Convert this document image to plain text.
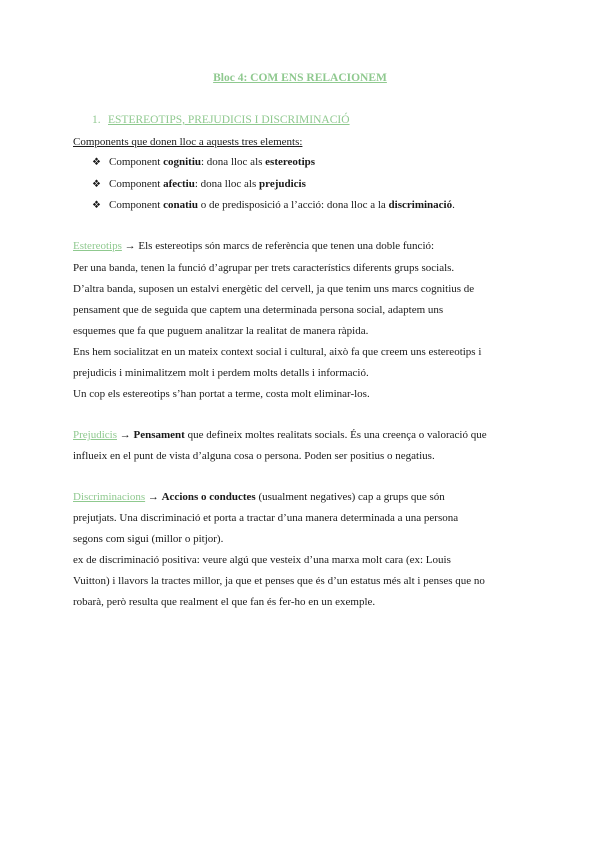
Bloc 4: COM ENS RELACIONEM
1. ESTEREOTIPS, PREJUDICIS I DISCRIMINACIÓ
Components que donen lloc a aquests tres elements:
❖ Component cognitiu: dona lloc als estereotips
❖ Component afectiu: dona lloc als prejudicis
❖ Component conatiu o de predisposició a l’acció: dona lloc a la discriminació.
Estereotips → Els estereotips són marcs de referència que tenen una doble funció:
Per una banda, tenen la funció d’agrupar per trets característics diferents grups socials.
D’altra banda, suposen un estalvi energètic del cervell, ja que tenim uns marcs cognitius de
pensament que de seguida que captem una determinada persona social, adaptem uns
esquemes que fa que puguem analitzar la realitat de manera ràpida.
Ens hem socialitzat en un mateix context social i cultural, això fa que creem uns estereotips i
prejudicis i minimalitzem molt i perdem molts detalls i informació.
Un cop els estereotips s’han portat a terme, costa molt eliminar-los.
Prejudicis → Pensament que defineix moltes realitats socials. És una creença o valoració que
influeix en el punt de vista d’alguna cosa o persona. Poden ser positius o negatius.
Discriminacions → Accions o conductes (usualment negatives) cap a grups que són
prejutjats. Una discriminació et porta a tractar d’una manera determinada a una persona
segons com sigui (millor o pitjor).
ex de discriminació positiva: veure algú que vesteix d’una marxa molt cara (ex: Louis
Vuitton) i llavors la tractes millor, ja que et penses que és d’un estatus més alt i penses que no
robarà, però resulta que realment el que fan és fer-ho en un exemple.
